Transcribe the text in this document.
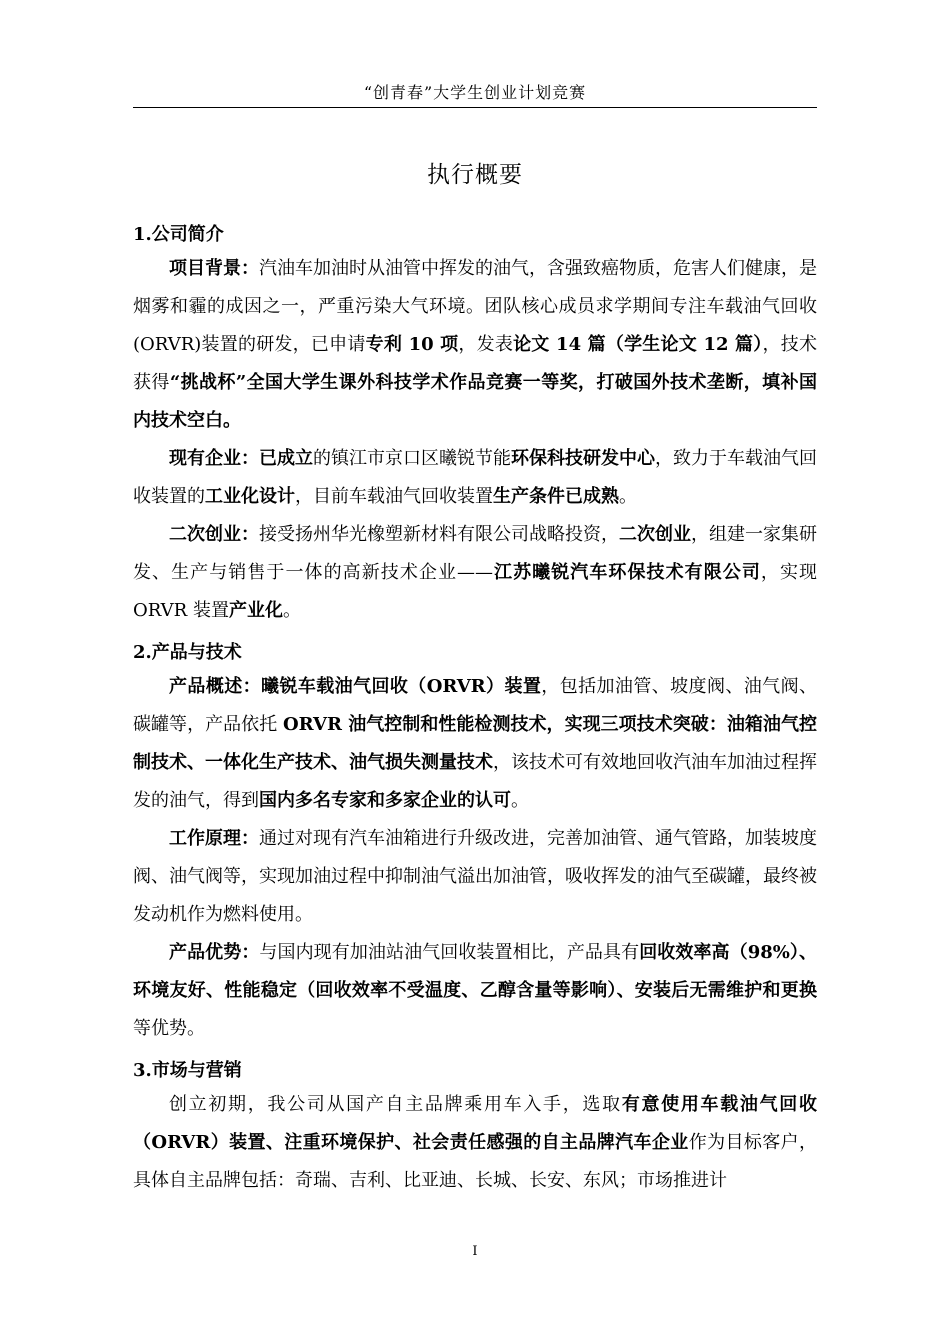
“创青春”大学生创业计划竞赛
执行概要

1.公司简介

项目背景：汽油车加油时从油管中挥发的油气，含强致癌物质，危害人们健康，是烟雾和霾的成因之一，严重污染大气环境。团队核心成员求学期间专注车载油气回收(ORVR)装置的研发，已申请专利 10 项，发表论文 14 篇（学生论文 12 篇），技术获得“挑战杯”全国大学生课外科技学术作品竞赛一等奖，打破国外技术垄断，填补国内技术空白。

现有企业：已成立的镇江市京口区曦锐节能环保科技研发中心，致力于车载油气回收装置的工业化设计，目前车载油气回收装置生产条件已成熟。

二次创业：接受扬州华光橡塑新材料有限公司战略投资，二次创业，组建一家集研发、生产与销售于一体的高新技术企业——江苏曦锐汽车环保技术有限公司，实现 ORVR 装置产业化。

2.产品与技术

产品概述：曦锐车载油气回收（ORVR）装置，包括加油管、坡度阀、油气阀、碳罐等，产品依托 ORVR 油气控制和性能检测技术，实现三项技术突破：油箱油气控制技术、一体化生产技术、油气损失测量技术，该技术可有效地回收汽油车加油过程挥发的油气，得到国内多名专家和多家企业的认可。

工作原理：通过对现有汽车油箱进行升级改进，完善加油管、通气管路，加装坡度阀、油气阀等，实现加油过程中抑制油气溢出加油管，吸收挥发的油气至碳罐，最终被发动机作为燃料使用。

产品优势：与国内现有加油站油气回收装置相比，产品具有回收效率高（98%）、环境友好、性能稳定（回收效率不受温度、乙醇含量等影响）、安装后无需维护和更换等优势。

3.市场与营销

创立初期，我公司从国产自主品牌乘用车入手，选取有意使用车载油气回收（ORVR）装置、注重环境保护、社会责任感强的自主品牌汽车企业作为目标客户，具体自主品牌包括：奇瑞、吉利、比亚迪、长城、长安、东风；市场推进计

I
